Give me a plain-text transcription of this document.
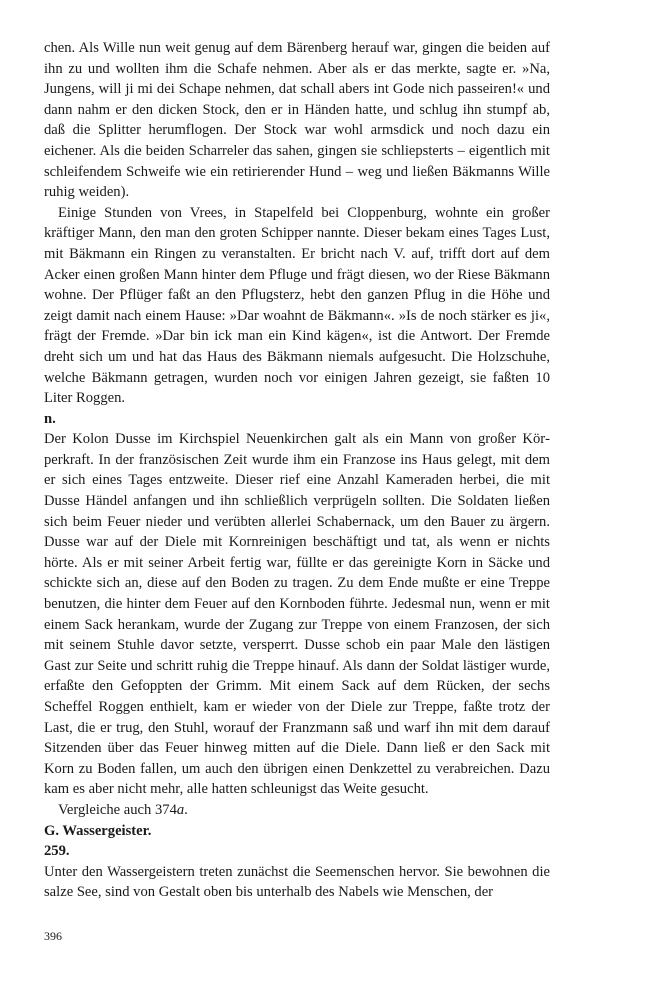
chen. Als Wille nun weit genug auf dem Bärenberg herauf war, gingen die beiden auf ihn zu und wollten ihm die Schafe nehmen. Aber als er das merkte, sagte er. »Na, Jungens, will ji mi dei Schape nehmen, dat schall abers int Gode nich passeiren!« und dann nahm er den dicken Stock, den er in Händen hatte, und schlug ihn stumpf ab, daß die Splitter herumflogen. Der Stock war wohl armsdick und noch dazu ein eichener. Als die beiden Scharreler das sahen, gingen sie schliepsterts – eigentlich mit schleifendem Schweife wie ein retirierender Hund – weg und ließen Bäkmanns Wille ruhig weiden).

Einige Stunden von Vrees, in Stapelfeld bei Cloppenburg, wohnte ein großer kräftiger Mann, den man den groten Schipper nannte. Dieser bekam eines Tages Lust, mit Bäkmann ein Ringen zu veranstalten. Er bricht nach V. auf, trifft dort auf dem Acker einen großen Mann hinter dem Pfluge und frägt diesen, wo der Riese Bäkmann wohne. Der Pflüger faßt an den Pflugsterz, hebt den ganzen Pflug in die Höhe und zeigt damit nach einem Hause: »Dar woahnt de Bäkmann«. »Is de noch stärker es ji«, frägt der Fremde. »Dar bin ick man ein Kind kägen«, ist die Antwort. Der Fremde dreht sich um und hat das Haus des Bäkmann niemals aufgesucht. Die Holzschuhe, welche Bäkmann getragen, wurden noch vor einigen Jahren gezeigt, sie faßten 10 Liter Roggen.

n.

Der Kolon Dusse im Kirchspiel Neuenkirchen galt als ein Mann von großer Körperkraft. In der französischen Zeit wurde ihm ein Franzose ins Haus gelegt, mit dem er sich eines Tages entzweite. Dieser rief eine Anzahl Kameraden herbei, die mit Dusse Händel anfangen und ihn schließlich verprügeln sollten. Die Soldaten ließen sich beim Feuer nieder und verübten allerlei Schabernack, um den Bauer zu ärgern. Dusse war auf der Diele mit Kornreinigen beschäftigt und tat, als wenn er nichts hörte. Als er mit seiner Arbeit fertig war, füllte er das gereinigte Korn in Säcke und schickte sich an, diese auf den Boden zu tragen. Zu dem Ende mußte er eine Treppe benutzen, die hinter dem Feuer auf den Kornboden führte. Jedesmal nun, wenn er mit einem Sack herankam, wurde der Zugang zur Treppe von einem Franzosen, der sich mit seinem Stuhle davor setzte, versperrt. Dusse schob ein paar Male den lästigen Gast zur Seite und schritt ruhig die Treppe hinauf. Als dann der Soldat lästiger wurde, erfaßte den Gefoppten der Grimm. Mit einem Sack auf dem Rücken, der sechs Scheffel Roggen enthielt, kam er wieder von der Diele zur Treppe, faßte trotz der Last, die er trug, den Stuhl, worauf der Franzmann saß und warf ihn mit dem darauf Sitzenden über das Feuer hinweg mitten auf die Diele. Dann ließ er den Sack mit Korn zu Boden fallen, um auch den übrigen einen Denkzettel zu verabreichen. Dazu kam es aber nicht mehr, alle hatten schleunigst das Weite gesucht.

Vergleiche auch 374a.

G. Wassergeister.

259.

Unter den Wassergeistern treten zunächst die Seemenschen hervor. Sie bewohnen die salze See, sind von Gestalt oben bis unterhalb des Nabels wie Menschen, der

396
